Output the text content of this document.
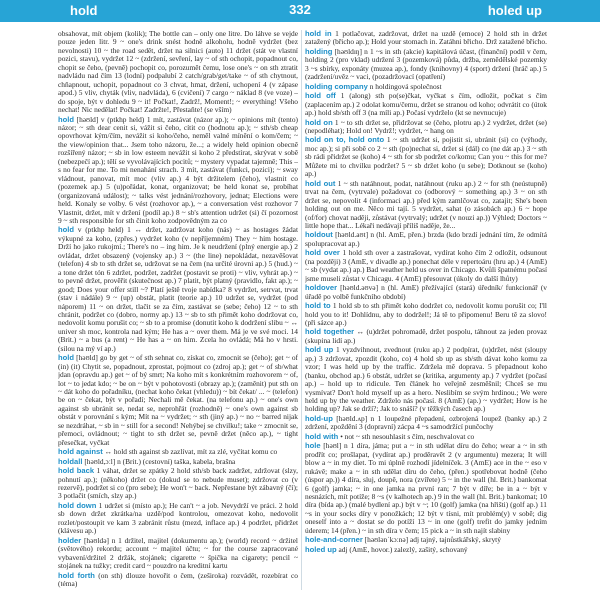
hold	332	holed up
obsahovat, mít objem (kolik); The bottle can – only one litre. Do láhve se vejde pouze jeden litr. 9 ~ one's drink snést hodně alkoholu, hodně vydržet (bez nevolnosti) 10 ~ the road sedět, držet na silnici (auto) 11 držet (stát ve vlastní pozici, stavu), vydržet 12 ~ (zdržení, sevření, lay ~ of sth ochopit, popadnout co, chopit se čeho, (pevně) pochopit co, porozumět čemu, lose one's ~ on sth ztratit nadvládu nad čím 13 (lodní) podpalubí 2 catch/grab/get/take ~ of sth chytnout, chňapnout, uchopit, popadnout co 3 chvat, hmat, držení, uchopení 4 (v zápase apod.) 5 vliv, chyták (vliv, nadvláda), 6 (cvičení) 7 cargo ~ náklad 8 (ve voze) – do spoje, být v dohledu 9 ~ it! Počkat!, Zadrž!, Moment!; ~ everything! Všeho nechat! Nic nedělat! Počkat! Zadržte!, Přestaňte! (se vším)
hold [həʊld] v (ptkhp held) 1 mít, zastávat (názor ap.); ~ opinions mít (tento) názor; ~ sth dear cenit si, vážit si čeho, cítit co (hodnotu ap.); ~ sth/sb cheap opovrhovat kým/čím, nevážit si koho/čeho, neměl valné mínění o kom/čem; ~ the view/opinion that... Jsem toho názoru, že...; a widely held opinion obecně rozšířený názor; ~ sb in low esteem nevážit si koho 2 předstírat, skrývat v sobě (nebezpečí ap.); tělí se vyvolávajících pocitů; ~ mystery vypadat tajemně; This – s no fear for me. To mi nenahání strach. 3 mít, zastávat (funkci, pozici); ~ sway vládnout, panovat, mít moc (vliv ap.) 4 být držitelem (čeho), vlastnit co (pozemek ap.) 5 (u)pořádat, konat, organizovat; be held konat se, probíhat (organizovaná událost); ~ talks vést jednání/rozhovory, jednat; Elections were held. Konaly se volby. 6 vést (rozhovor ap.), ~ a conversation vést rozhovor 7 Vlastnit, držet, mít v držení (podíl ap.) 8 ~ sb's attention udržet (si) čí pozornost 9 ~ sth responsible for sth činit koho zodpovědným za co
hold v (ptkhp held) 1 ↔ držet, zadržovat koho (nás) ~ as hostages žádat výkupné za koho, (zpřes.) vydržet koho (v nepříjemném) They ~ him hostage. Drží ho jako rukojmí.; There's no – ing him. Je k neudržení (plný energie ap.) 2 ovládat, držet obsazený (vojensky ap.) 3 ~ (the line) nepokládat, nezavěšovat (telefon) 4 sb to sth držet se, udržovat se na čem (na určité úrovni ap.) 5 (hud.) ~ a tone držet tón 6 zdržet, podržet, zadržet (postavit se proti) ~ vliv, vyhrát ap.) ~ to pevně držet, prověřit (skutečnost ap.) 7 platit, být platný (pravidlo, fakt ap.); ~ good; Does your offer still ~? Platí ještě tvoje nabídka? 8 vydržet, setrvat, trvat (stav i nádále) 9 ~ (up) obstát, platit (teorie ap.) 10 udržet se, vydržet (pod náporem) 11 ~ on držet, tlačit se za čím, zastávat se (sebe; čeho) 12 ~ to sth chránit, podržet co (dobro, normy ap.) 13 ~ sb to sth přimět koho dodržovat co, nedovolit komu porušit co; ~ sb to a promise (donutit koho k dodržení slibu ~ ↔ univer sh moc, kontrola nad kým; He has a ~ over them. Má je ve své moci. 14 (Brit.) ~ a bus (a rent) ~ He has a ~ on him. Zcela ho ovládá; Má ho v hrsti. (silou na mý ví ap.)
hold [həʊld] go by get ~ of sth sehnat co, získat co, zmocnit se (čeho); get ~ of (in) (it) Chytit se, popadnout, zprostat, pojmout co (zdroj ap.); get ~ of sb/what jdan (opravdu ap.) get ~ of bý smrt; Na koho mít s konkrétním rozhovorem ~ of, lot ~ to jedat kdo; ~ be on ~ být v pohotovosti (obrazy ap.); (zaměnit) put sth on ~ dát koho do pořadníku, (nechat koho čekat (vhledu)) ~ bít čekat/ ... ~ (telefon) be on ~ čekat, být v pořadí; Nechali mě čekat. (na telefonu ap.) ~ one's own against sb ubránit se, nedat se, neprohřát (rozhodně) ~ one's own against sb obstát v porovnání s kým; Mít na ~ vydržet; ~ sth (jiný ap.) ~ no ~ barred nijak se nezdráhat, ~ sb in ~ still for a second! Nehýbej se chvilku!; take ~ zmocnit se, přemoci, ovládnout; ~ tight to sth držet se, pevně držet (něco ap.), ~ tight přesečkat, vyčkat
hold against ↔ hold sth against sb zazlívat, mít za zlé, vyčítat komu co
holdall [həʊld,ɔːl] n (Brit.) (cestovní) taška, kabela, brašna
hold back 1 váhat, držet se zpátky 2 hold sth/sb back zadržet, zdržovat (slzy, pohnutí ap.); (někoho) držet co (dokud se to nebude muset); zdržovat co (v rezervě), podržet si co (pro sebe); He won't ~ back. Nepřestane být zábavný (čí); 3 potlačit (smích, slzy ap.)
hold down 1 udržet si (místo ap.); He can't ~ a job. Nevydrží ve práci. 2 hold sb down držet zkrátka/na uzdě/pod kontrolou, omezovat koho, nedovolit rozlet/postoupit ve kam 3 zabránit růstu (mezd, inflace ap.) 4 podržet, přidržet (klávesu ap.)
holder [həʊldə] n 1 držitel, majitel (dokumentu ap.); (world) record ~ držitel (světového) rekordu; account ~ majitel účtu; ~ for the course zapracované vybavení/držitel 2 držák, stojánek; cigarette ~ špička na cigarety; pencil ~ stojánek na tužky; credit card ~ pouzdro na kreditní kartu
hold forth (on sth) dlouze hovořit o čem, (zeširoka) rozvádět, rozebírat co (téma)
hold in 1 potlačovat, zadržovat, držet na uzdě (emoce) 2 hold sth in držet zatažený (břicho ap.); Hold your stomach in. Zatáhni břicho. Drž zatažené břicho.
holding [həʊldɪŋ] n 1 ~s in sth (akcie) kapitálová účast, (finanční) podíl v čem, holding 2 (pro vklad) udržení 3 (pozemková) půda, držba, zemědělské pozemky 3 ~s sbírky, exponáty (muzea ap.), fondy (knihovny) 4 (sport) držení (hráč ap.) 5 (zadržení/uvěz ~ vaci, (pozadržovací (opatření)
holding company n holdingová společnost
hold off 1 (along) sth po(se)čkat, vyčkat s čím, odložit, počkat s čím (zaplacením ap.) 2 odolat komu/čemu, držet se stranou od koho; odvrátit co (útok ap.) hold sb/sth off 3 (na míli ap.) Počasí vydrželo (kt se nevnucuje)
hold on 1 ~ to sth držet se, přidržovat se (čeho, plotru ap.) 2 vydržet, držet (se) (nepodléhat); Hold on! Vydrž!; vydržet, ~ hang on
hold on to, hold onto 1 ~ sth udržet si, pojistit si, ubránit (si) co (výhody, moc ap.); si při sobě co 2 ~ sth (po)nechat si, držet si (dál) co (ne dát ap.) 3 ~ sth sb rádi přidržet se (koho) 4 ~ sth for sb podržet co/komu; Can you ~ this for me? Můžete mi to chvilku podržet? 5 ~ sb držet koho (u sebe); Dotknout se (koho) ap.)
hold out 1 ~ sth natáhnout, podat, natáhnout (ruku ap.) 2 ~ for sth (neústupně) trvat na čem, (vytrvale) požadovat co (odborový ~ something ap.) 3 ~ on sth držet se, nepovolit 4 (informaci ap.) před kým zamlčovat co, zatajit; She's been holding out on me. Něco mi tají. 5 vydržet, sahat (o zásobách ap.) 6 ~ hope (of/for) chovat naději, zůstávat (vytrvalý; udržet (v nouzi ap.)) Výhled; Doctors ~ little hope that... Lékaři nedávají příliš naděje, že...
holdout [həʊld.aʊt] n (hl. AmE, přen.) brzda (kdo brzdí jednání tím, že odmítá spolupracovat ap.)
hold over 1 hold sth over a zastrašovat, vydírat koho čím 2 odložit, odsunout (na později) 3 (AmE, v divadle ap.) ponechat déle v repertoáru (hru ap.) 4 (AmE) ~ sb (vydat ap.) ap.) Bad weather held us over in Chicago. Kvůli špatnému počasí jsme museli zůstat v Chicagu. 4 (AmE) přesouvat (úkoly do další lhůty)
holdover [həʊld.əʊvə] n (hl. AmE) přežívající (stará) úředník/ funkcionář (v úřadě po volbě funkčního období)
hold to 1 hold sb to sth přimět koho dodržet co, nedovolit komu porušit co; I'll hold you to it! Dohlídnu, aby to dodržel!; Já tě to připomenu! Beru tě za slovo! (při sázce ap.)
hold together ↔ (u)držet pohromadě, držet pospolu, táhnout za jeden provaz (skupina lidí ap.)
hold up 1 vyzdvihnout, zvednout (ruku ap.) 2 podpírat, (u)držet, nést (sloupy ap.) 3 zdržovat, zpozdit (koho, co) 4 hold sb up as sb/sth dávat koho komu za vzor; I was held up by the traffic. Zdržela mě doprava. 5 přepadnout koho (banku, obchod ap.) 6 obstát, udržet se (kritika, argumenty ap.) 7 vydržet (počasí ap.) – hold up to ridicule. Ten článek ho veřejně zesměšnil; Chceš se mu vysmívat? Don't hold myself up as a hero. Neslibím se svým hrdinou.; We were held up by the weather. Zdrželo nás počasí. 8 (AmE) (ap.) ~ vydržet; How is he holding up? Jak se drží?; Jak to snáší? (v těžkých časech ap.)
hold-up [həʊld.ʌp] n 1 loupežné přepadení, ozbrojená loupež (banky ap.) 2 zdržení, zpoždění 3 (dopravní) zácpa 4 ~s samodržící punčochy
hold with • not ~ sth nesouhlasit s čím, neschvalovat co
hole [həʊl] n 1 díra, jáma; put a ~ in sth udělat díru do čeho; wear a ~ in sth prodřít co; prošlapat, (vydírat ap.) proděravět 2 (v argumentu) mezera; It will blow a ~ in my diet. To mi úplně rozhodí jídelníček. 3 (AmE) ace in the ~ eso v rukávě; make a ~ in sth udělat díru do čeho, (přen.) spotřebovat hodně (čeho (úspor ap.)) 4 díra, sluj, doupě, nora (zvířete) 5 ~ in the wall (hl. Brit.) bankomat 6 (golf) jamka; ~ in one jamka na první ran; 7 být v díře; be in a ~ být v nesnázích, mít potíže; 8 ~s (v kalhotech ap.) 9 in the wall (hl. Brit.) bankomat; 10 díra (bída ap.) (malé bydlení ap.) být v ~; 10 (golf) jamka (na hřišti) (golf ap.) 11 ~s in your socks díry v ponožkách; 12 být v tísni, mít problém(y) v sobě; dig oneself into a ~ dostat se do potíží 13 ~ in one (golf) trefit do jamky jedním úderem; 14 (přen.) ~ in sth díra v čem; 15 pick a ~ in sth najít slabiny
hole-and-corner [həʊlənˈkɔːnə] adj tajný, tajnůstkářský, skrytý
holed up adj (AmE, hovor.) zalezlý, zašitý, schovaný
